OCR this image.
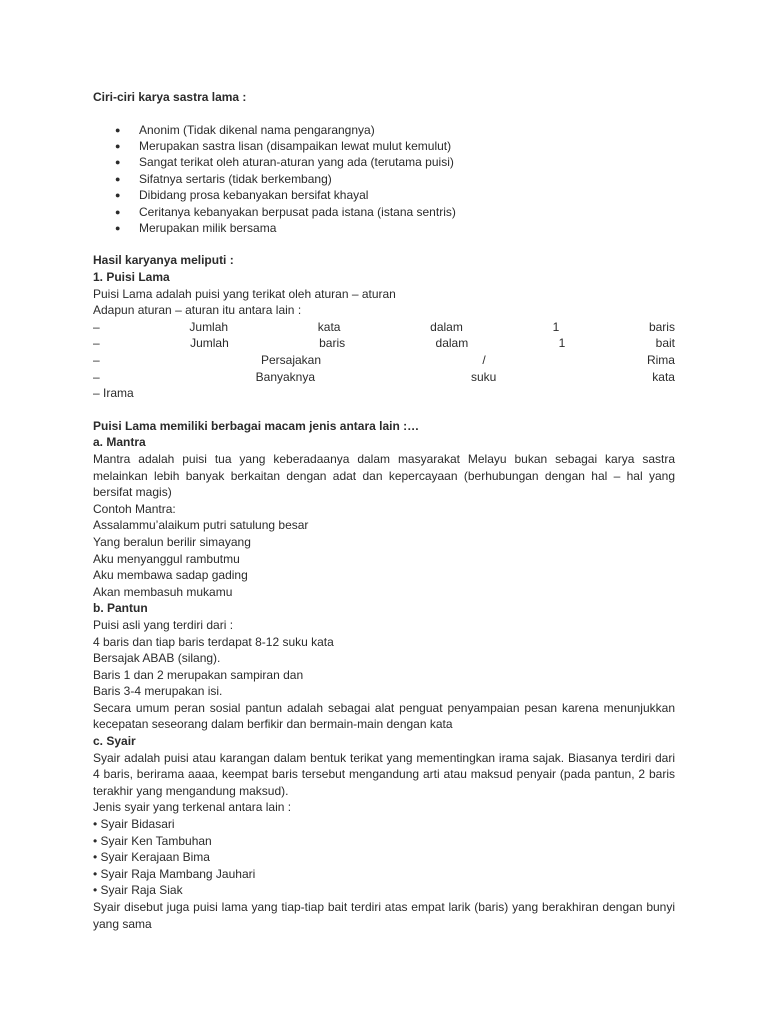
Ciri-ciri karya sastra lama :
● Anonim (Tidak dikenal nama pengarangnya)
● Merupakan sastra lisan (disampaikan lewat mulut kemulut)
● Sangat terikat oleh aturan-aturan yang ada (terutama puisi)
● Sifatnya sertaris (tidak berkembang)
● Dibidang prosa kebanyakan bersifat khayal
● Ceritanya kebanyakan berpusat pada istana (istana sentris)
● Merupakan milik bersama
Hasil karyanya meliputi :
1. Puisi Lama
Puisi Lama adalah puisi yang terikat oleh aturan – aturan
Adapun aturan – aturan itu antara lain :
–	Jumlah	kata	dalam	1	baris
–	Jumlah	baris	dalam	1	bait
–	Persajakan	/	Rima
–	Banyaknya	suku	kata
– Irama
Puisi Lama memiliki berbagai macam jenis antara lain :…
a. Mantra
Mantra adalah puisi tua yang keberadaanya dalam masyarakat Melayu bukan sebagai karya sastra melainkan lebih banyak berkaitan dengan adat dan kepercayaan (berhubungan dengan hal – hal yang bersifat magis)
Contoh Mantra:
Assalammu’alaikum putri satulung besar
Yang beralun berilir simayang
Aku menyanggul rambutmu
Aku membawa sadap gading
Akan membasuh mukamu
b. Pantun
Puisi asli yang terdiri dari :
4 baris dan tiap baris terdapat 8-12 suku kata
Bersajak ABAB (silang).
Baris 1 dan 2 merupakan sampiran dan
Baris 3-4 merupakan isi.
Secara umum peran sosial pantun adalah sebagai alat penguat penyampaian pesan karena menunjukkan kecepatan seseorang dalam berfikir dan bermain-main dengan kata
c. Syair
Syair adalah puisi atau karangan dalam bentuk terikat yang mementingkan irama sajak. Biasanya terdiri dari 4 baris, berirama aaaa, keempat baris tersebut mengandung arti atau maksud penyair (pada pantun, 2 baris terakhir yang mengandung maksud).
Jenis syair yang terkenal antara lain :
• Syair Bidasari
• Syair Ken Tambuhan
• Syair Kerajaan Bima
• Syair Raja Mambang Jauhari
• Syair Raja Siak
Syair disebut juga puisi lama yang tiap-tiap bait terdiri atas empat larik (baris) yang berakhiran dengan bunyi yang sama
